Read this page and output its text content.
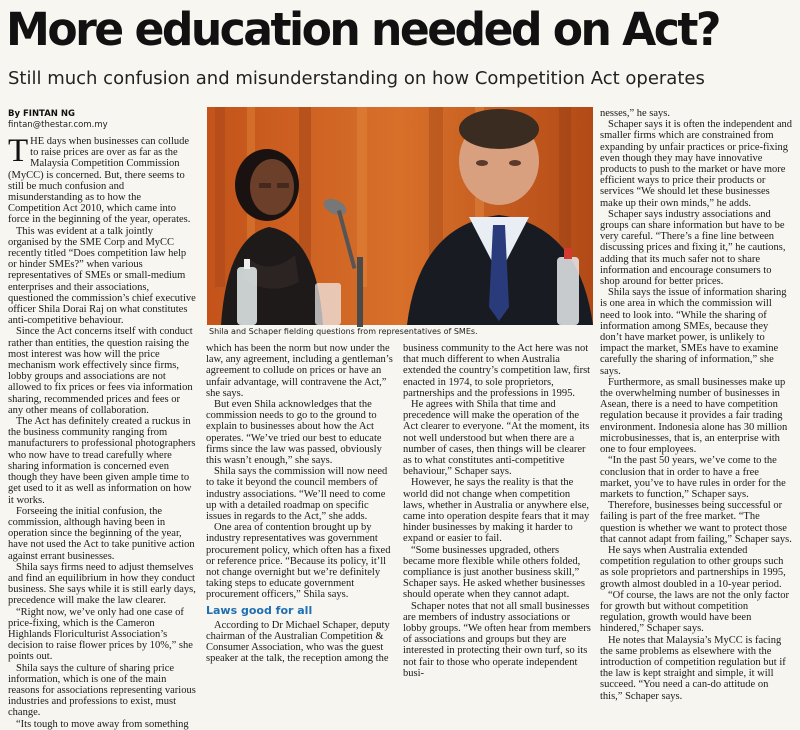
More education needed on Act?
Still much confusion and misunderstanding on how Competition Act operates
By FINTAN NG
fintan@thestar.com.my

THE days when businesses can collude to raise prices are over as far as the Malaysia Competition Commission (MyCC) is concerned. But, there seems to still be much confusion and misunderstanding as to how the Competition Act 2010, which came into force in the beginning of the year, operates.

This was evident at a talk jointly organised by the SME Corp and MyCC recently titled “Does competition law help or hinder SMEs?” when various representatives of SMEs or small-medium enterprises and their associations, questioned the commission’s chief executive officer Shila Dorai Raj on what constitutes anti-competitive behaviour.

Since the Act concerns itself with conduct rather than entities, the question raising the most interest was how will the price mechanism work effectively since firms, lobby groups and associations are not allowed to fix prices or fees via information sharing, recommended prices and fees or any other means of collaboration.

The Act has definitely created a ruckus in the business community ranging from manufacturers to professional photographers who now have to tread carefully where sharing information is concerned even though they have been given ample time to get used to it as well as information on how it works.

Forseeing the initial confusion, the commission, although having been in operation since the beginning of the year, have not used the Act to take punitive action against errant businesses.

Shila says firms need to adjust themselves and find an equilibrium in how they conduct business. She says while it is still early days, precedence will make the law clearer.

“Right now, we’ve only had one case of price-fixing, which is the Cameron Highlands Floriculturist Association’s decision to raise flower prices by 10%,” she points out.

Shila says the culture of sharing price information, which is one of the main reasons for associations representing various industries and professions to exist, must change.

“Its tough to move away from something

Shila and Schaper fielding questions from representatives of SMEs.

which has been the norm but now under the law, any agreement, including a gentleman’s agreement to collude on prices or have an unfair advantage, will contravene the Act,” she says.

But even Shila acknowledges that the commission needs to go to the ground to explain to businesses about how the Act operates. “We’ve tried our best to educate firms since the law was passed, obviously this wasn’t enough,” she says.

Shila says the commission will now need to take it beyond the council members of industry associations. “We’ll need to come up with a detailed roadmap on specific issues in regards to the Act,” she adds.

One area of contention brought up by industry representatives was government procurement policy, which often has a fixed or reference price. “Because its policy, it’ll not change overnight but we’re definitely taking steps to educate government procurement officers,” Shila says.

Laws good for all

According to Dr Michael Schaper, deputy chairman of the Australian Competition & Consumer Association, who was the guest speaker at the talk, the reception among the

business community to the Act here was not that much different to when Australia extended the country’s competition law, first enacted in 1974, to sole proprietors, partnerships and the professions in 1995.

He agrees with Shila that time and precedence will make the operation of the Act clearer to everyone. “At the moment, its not well understood but when there are a number of cases, then things will be clearer as to what constitutes anti-competitive behaviour,” Schaper says.

However, he says the reality is that the world did not change when competition laws, whether in Australia or anywhere else, came into operation despite fears that it may hinder businesses by making it harder to expand or easier to fail.

“Some businesses upgraded, others became more flexible while others folded, compliance is just another business skill,” Schaper says. He asked whether businesses should operate when they cannot adapt.

Schaper notes that not all small businesses are members of industry associations or lobby groups. “We often hear from members of associations and groups but they are interested in protecting their own turf, so its not fair to those who operate independent busi-

nesses,” he says.

Schaper says it is often the independent and smaller firms which are constrained from expanding by unfair practices or price-fixing even though they may have innovative products to push to the market or have more efficient ways to price their products or services “We should let these businesses make up their own minds,” he adds.

Schaper says industry associations and groups can share information but have to be very careful. “There’s a fine line between discussing prices and fixing it,” he cautions, adding that its much safer not to share information and encourage consumers to shop around for better prices.

Shila says the issue of information sharing is one area in which the commission will need to look into. “While the sharing of information among SMEs, because they don’t have market power, is unlikely to impact the market, SMEs have to examine carefully the sharing of information,” she says.

Furthermore, as small businesses make up the overwhelming number of businesses in Asean, there is a need to have competition regulation because it provides a fair trading environment. Indonesia alone has 30 million microbusinesses, that is, an enterprise with one to four employees.

“In the past 50 years, we’ve come to the conclusion that in order to have a free market, you’ve to have rules in order for the markets to function,” Schaper says.

Therefore, businesses being successful or failing is part of the free market. “The question is whether we want to protect those that cannot adapt from failing,” Schaper says.

He says when Australia extended competition regulation to other groups such as sole proprietors and partnerships in 1995, growth almost doubled in a 10-year period.

“Of course, the laws are not the only factor for growth but without competition regulation, growth would have been hindered,” Schaper says.

He notes that Malaysia’s MyCC is facing the same problems as elsewhere with the introduction of competition regulation but if the law is kept straight and simple, it will succeed. “You need a can-do attitude on this,” Schaper says.
